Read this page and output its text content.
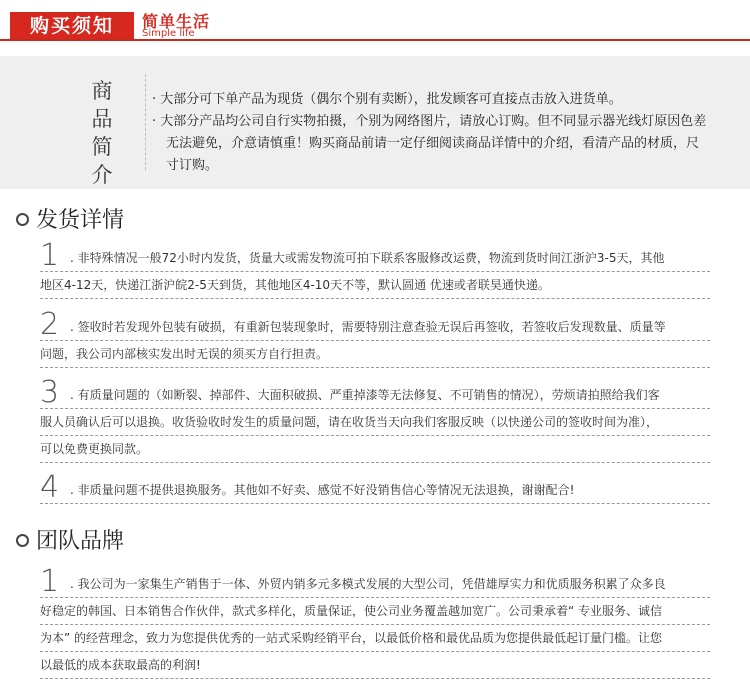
购买须知	简单生活
Simple life
商
品
简
介

· 大部分可下单产品为现货（偶尔个别有卖断），批发顾客可直接点击放入进货单。

· 大部分产品均公司自行实物拍摄，个别为网络图片，请放心订购。但不同显示器光线灯原因色差无法避免，介意请慎重！购买商品前请一定仔细阅读商品详情中的介绍，看清产品的材质，尺寸订购。

发货详情
1 . 非特殊情况一般72小时内发货，货量大或需发物流可拍下联系客服修改运费，物流到货时间江浙沪3-5天，其他
地区4-12天，快递江浙沪皖2-5天到货，其他地区4-10天不等，默认圆通 优速或者联昊通快递。
2 . 签收时若发现外包装有破损，有重新包装现象时，需要特别注意查验无误后再签收，若签收后发现数量、质量等
问题，我公司内部核实发出时无误的须买方自行担责。
3 . 有质量问题的（如断裂、掉部件、大面积破损、严重掉漆等无法修复、不可销售的情况），劳烦请拍照给我们客
服人员确认后可以退换。收货验收时发生的质量问题，请在收货当天向我们客服反映（以快递公司的签收时间为准），
可以免费更换同款。
4 . 非质量问题不提供退换服务。其他如不好卖、感觉不好没销售信心等情况无法退换，谢谢配合!
团队品牌
1 . 我公司为一家集生产销售于一体、外贸内销多元多模式发展的大型公司，凭借雄厚实力和优质服务积累了众多良
好稳定的韩国、日本销售合作伙伴，款式多样化，质量保证，使公司业务覆盖越加宽广。公司秉承着“ 专业服务、诚信
为本” 的经营理念，致力为您提供优秀的一站式采购经销平台，以最低价格和最优品质为您提供最低起订量门槛。让您
以最低的成本获取最高的利润!
